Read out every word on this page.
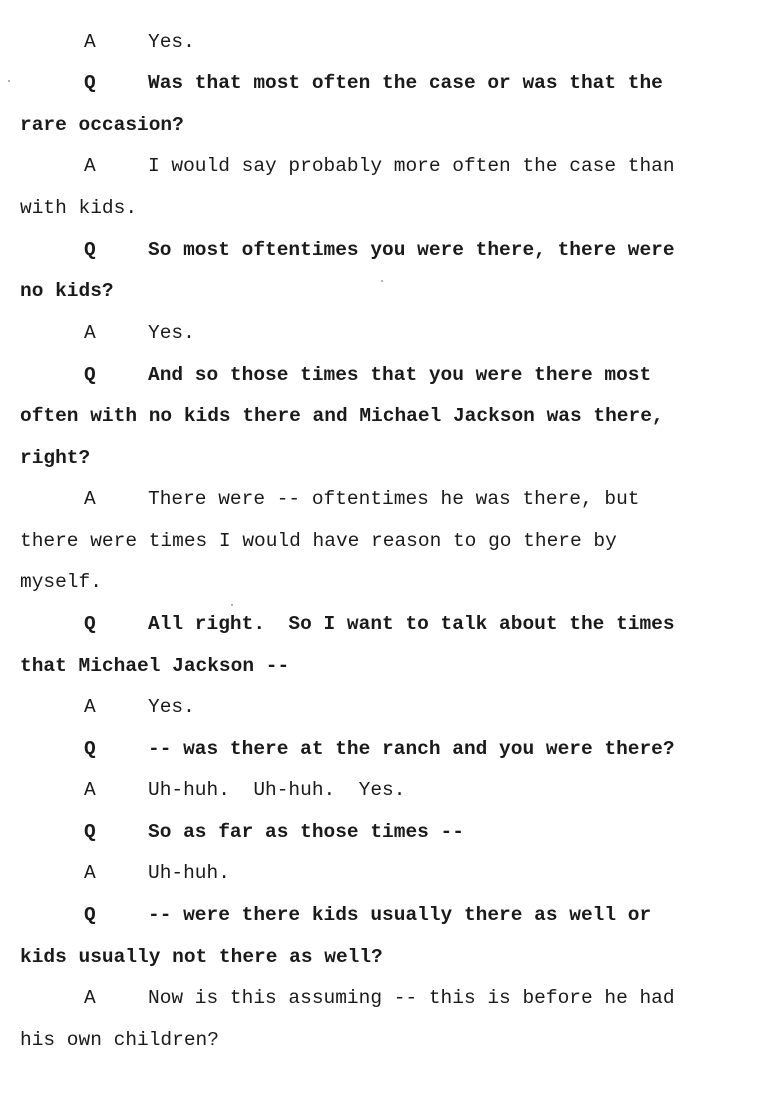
A

	Yes.

Q

	Was that most often the case or was that the

rare occasion?

A

	I would say probably more often the case than

with kids.

Q

	So most oftentimes you were there, there were

no kids?

A

	Yes.

Q

	And so those times that you were there most

often with no kids there and Michael Jackson was there,

right?

A

	There were -- oftentimes he was there, but

there were times I would have reason to go there by

myself.

Q

	All right.  So I want to talk about the times

that Michael Jackson --

A

	Yes.

Q

	-- was there at the ranch and you were there?

A

	Uh-huh.  Uh-huh.  Yes.

Q

	So as far as those times --

A

	Uh-huh.

Q

	-- were there kids usually there as well or

kids usually not there as well?

A

	Now is this assuming -- this is before he had

his own children?
